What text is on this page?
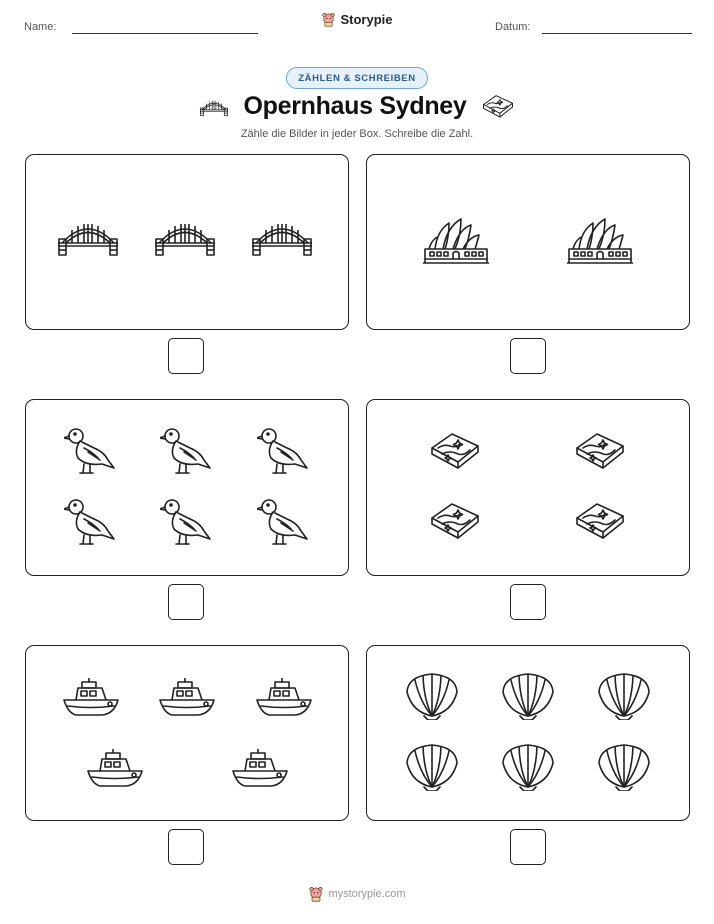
Name:	Storypie	Datum:
ZÄHLEN & SCHREIBEN
Opernhaus Sydney
Zähle die Bilder in jeder Box. Schreibe die Zahl.
mystorypie.com
